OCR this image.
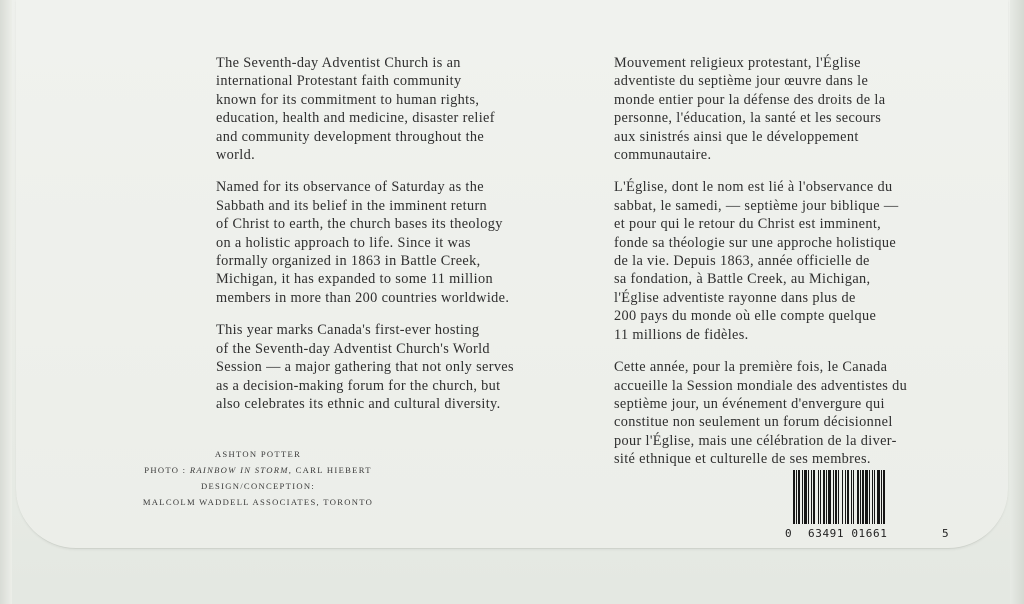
The Seventh-day Adventist Church is an
international Protestant faith community
known for its commitment to human rights,
education, health and medicine, disaster relief
and community development throughout the
world.

Named for its observance of Saturday as the
Sabbath and its belief in the imminent return
of Christ to earth, the church bases its theology
on a holistic approach to life. Since it was
formally organized in 1863 in Battle Creek,
Michigan, it has expanded to some 11 million
members in more than 200 countries worldwide.

This year marks Canada's first-ever hosting
of the Seventh-day Adventist Church's World
Session — a major gathering that not only serves
as a decision-making forum for the church, but
also celebrates its ethnic and cultural diversity.

Mouvement religieux protestant, l'Église
adventiste du septième jour œuvre dans le
monde entier pour la défense des droits de la
personne, l'éducation, la santé et les secours
aux sinistrés ainsi que le développement
communautaire.

L'Église, dont le nom est lié à l'observance du
sabbat, le samedi, — septième jour biblique —
et pour qui le retour du Christ est imminent,
fonde sa théologie sur une approche holistique
de la vie. Depuis 1863, année officielle de
sa fondation, à Battle Creek, au Michigan,
l'Église adventiste rayonne dans plus de
200 pays du monde où elle compte quelque
11 millions de fidèles.

Cette année, pour la première fois, le Canada
accueille la Session mondiale des adventistes du
septième jour, un événement d'envergure qui
constitue non seulement un forum décisionnel
pour l'Église, mais une célébration de la diver-
sité ethnique et culturelle de ses membres.

ASHTON POTTER
PHOTO : RAINBOW IN STORM, CARL HIEBERT
DESIGN/CONCEPTION:
MALCOLM WADDELL ASSOCIATES, TORONTO
0 63491 01661	5
